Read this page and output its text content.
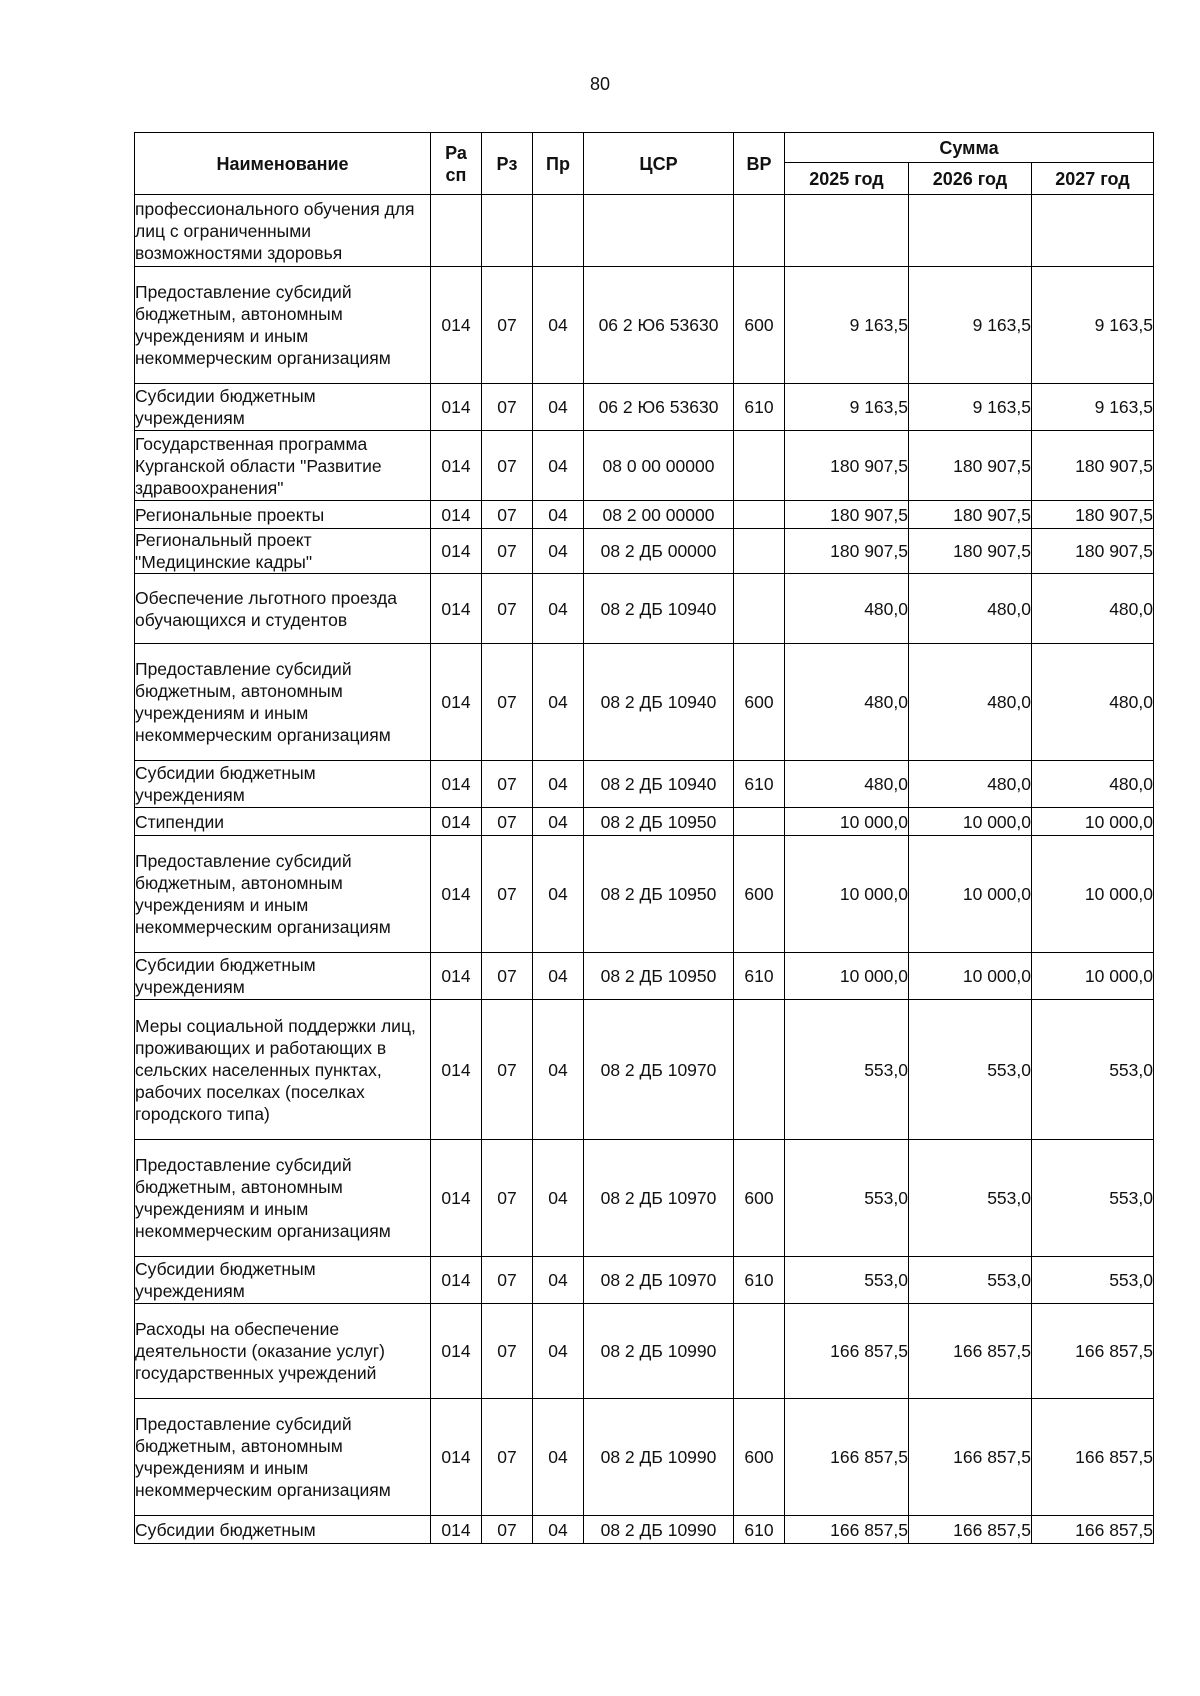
80
Наименование	Ра сп	Рз	Пр	ЦСР	ВР	Сумма		
						2025 год	2026 год	2027 год
профессионального обучения для лиц с ограниченными возможностями здоровья								
Предоставление субсидий бюджетным, автономным учреждениям и иным некоммерческим организациям	014	07	04	06 2 Ю6 53630	600	9 163,5	9 163,5	9 163,5
Субсидии бюджетным учреждениям	014	07	04	06 2 Ю6 53630	610	9 163,5	9 163,5	9 163,5
Государственная программа Курганской области "Развитие здравоохранения"	014	07	04	08 0 00 00000		180 907,5	180 907,5	180 907,5
Региональные проекты	014	07	04	08 2 00 00000		180 907,5	180 907,5	180 907,5
Региональный проект "Медицинские кадры"	014	07	04	08 2 ДБ 00000		180 907,5	180 907,5	180 907,5
Обеспечение льготного проезда обучающихся и студентов	014	07	04	08 2 ДБ 10940		480,0	480,0	480,0
Предоставление субсидий бюджетным, автономным учреждениям и иным некоммерческим организациям	014	07	04	08 2 ДБ 10940	600	480,0	480,0	480,0
Субсидии бюджетным учреждениям	014	07	04	08 2 ДБ 10940	610	480,0	480,0	480,0
Стипендии	014	07	04	08 2 ДБ 10950		10 000,0	10 000,0	10 000,0
Предоставление субсидий бюджетным, автономным учреждениям и иным некоммерческим организациям	014	07	04	08 2 ДБ 10950	600	10 000,0	10 000,0	10 000,0
Субсидии бюджетным учреждениям	014	07	04	08 2 ДБ 10950	610	10 000,0	10 000,0	10 000,0
Меры социальной поддержки лиц, проживающих и работающих в сельских населенных пунктах, рабочих поселках (поселках городского типа)	014	07	04	08 2 ДБ 10970		553,0	553,0	553,0
Предоставление субсидий бюджетным, автономным учреждениям и иным некоммерческим организациям	014	07	04	08 2 ДБ 10970	600	553,0	553,0	553,0
Субсидии бюджетным учреждениям	014	07	04	08 2 ДБ 10970	610	553,0	553,0	553,0
Расходы на обеспечение деятельности (оказание услуг) государственных учреждений	014	07	04	08 2 ДБ 10990		166 857,5	166 857,5	166 857,5
Предоставление субсидий бюджетным, автономным учреждениям и иным некоммерческим организациям	014	07	04	08 2 ДБ 10990	600	166 857,5	166 857,5	166 857,5
Субсидии бюджетным	014	07	04	08 2 ДБ 10990	610	166 857,5	166 857,5	166 857,5
